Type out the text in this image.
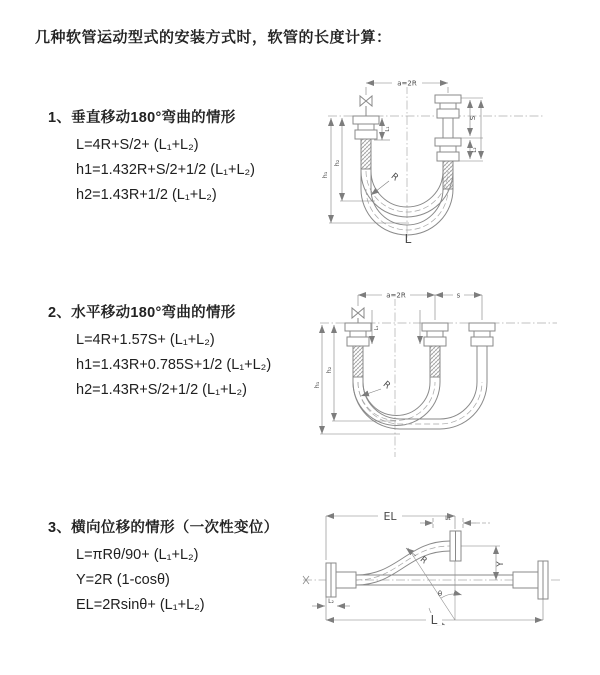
几种软管运动型式的安装方式时，软管的长度计算：
1、垂直移动180°弯曲的情形
L=4R+S/2+ (L₁+L₂)
h1=1.432R+S/2+1/2 (L₁+L₂)
h2=1.43R+1/2 (L₁+L₂)
2、水平移动180°弯曲的情形
L=4R+1.57S+ (L₁+L₂)
h1=1.43R+0.785S+1/2 (L₁+L₂)
h2=1.43R+S/2+1/2 (L₁+L₂)
3、横向位移的情形（一次性变位）
L=πRθ/90+ (L₁+L₂)
Y=2R (1-cosθ)
EL=2Rsinθ+ (L₁+L₂)
a=2R
h₁
h₂
L₁
S
L₂
R
L
a=2R	s
h₁
h₂
L₁
R
EL	L₁
Y
θ
R
L
L₂
